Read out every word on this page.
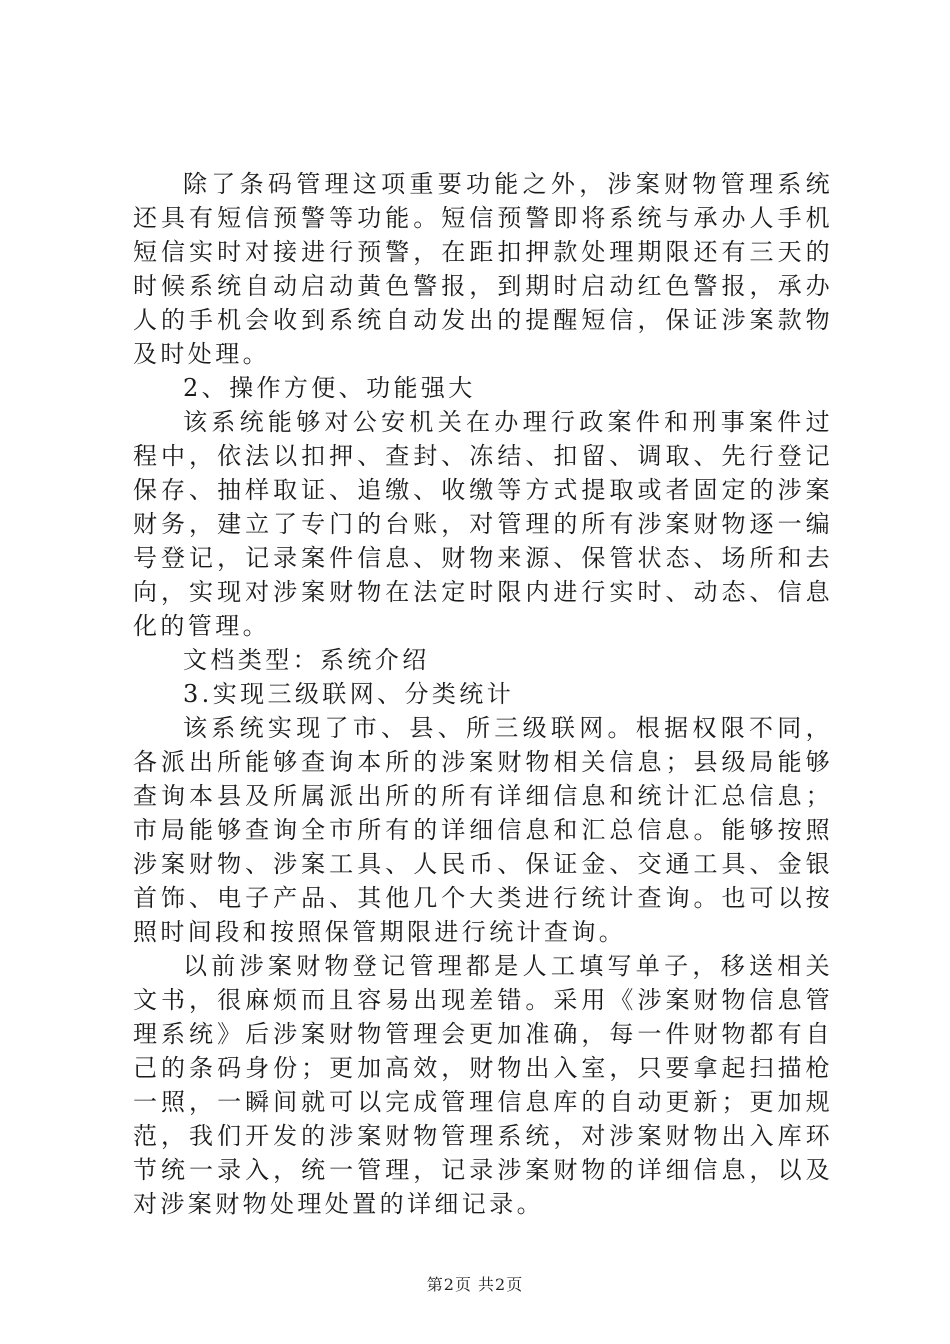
除了条码管理这项重要功能之外，涉案财物管理系统还具有短信预警等功能。短信预警即将系统与承办人手机短信实时对接进行预警，在距扣押款处理期限还有三天的时候系统自动启动黄色警报，到期时启动红色警报，承办人的手机会收到系统自动发出的提醒短信，保证涉案款物及时处理。

2、操作方便、功能强大

该系统能够对公安机关在办理行政案件和刑事案件过程中，依法以扣押、查封、冻结、扣留、调取、先行登记保存、抽样取证、追缴、收缴等方式提取或者固定的涉案财务，建立了专门的台账，对管理的所有涉案财物逐一编号登记，记录案件信息、财物来源、保管状态、场所和去向，实现对涉案财物在法定时限内进行实时、动态、信息化的管理。

文档类型：系统介绍

3.实现三级联网、分类统计

该系统实现了市、县、所三级联网。根据权限不同，各派出所能够查询本所的涉案财物相关信息；县级局能够查询本县及所属派出所的所有详细信息和统计汇总信息；市局能够查询全市所有的详细信息和汇总信息。能够按照涉案财物、涉案工具、人民币、保证金、交通工具、金银首饰、电子产品、其他几个大类进行统计查询。也可以按照时间段和按照保管期限进行统计查询。

以前涉案财物登记管理都是人工填写单子，移送相关文书，很麻烦而且容易出现差错。采用《涉案财物信息管理系统》后涉案财物管理会更加准确，每一件财物都有自己的条码身份；更加高效，财物出入室，只要拿起扫描枪一照，一瞬间就可以完成管理信息库的自动更新；更加规范，我们开发的涉案财物管理系统，对涉案财物出入库环节统一录入，统一管理，记录涉案财物的详细信息，以及对涉案财物处理处置的详细记录。

第2页 共2页
